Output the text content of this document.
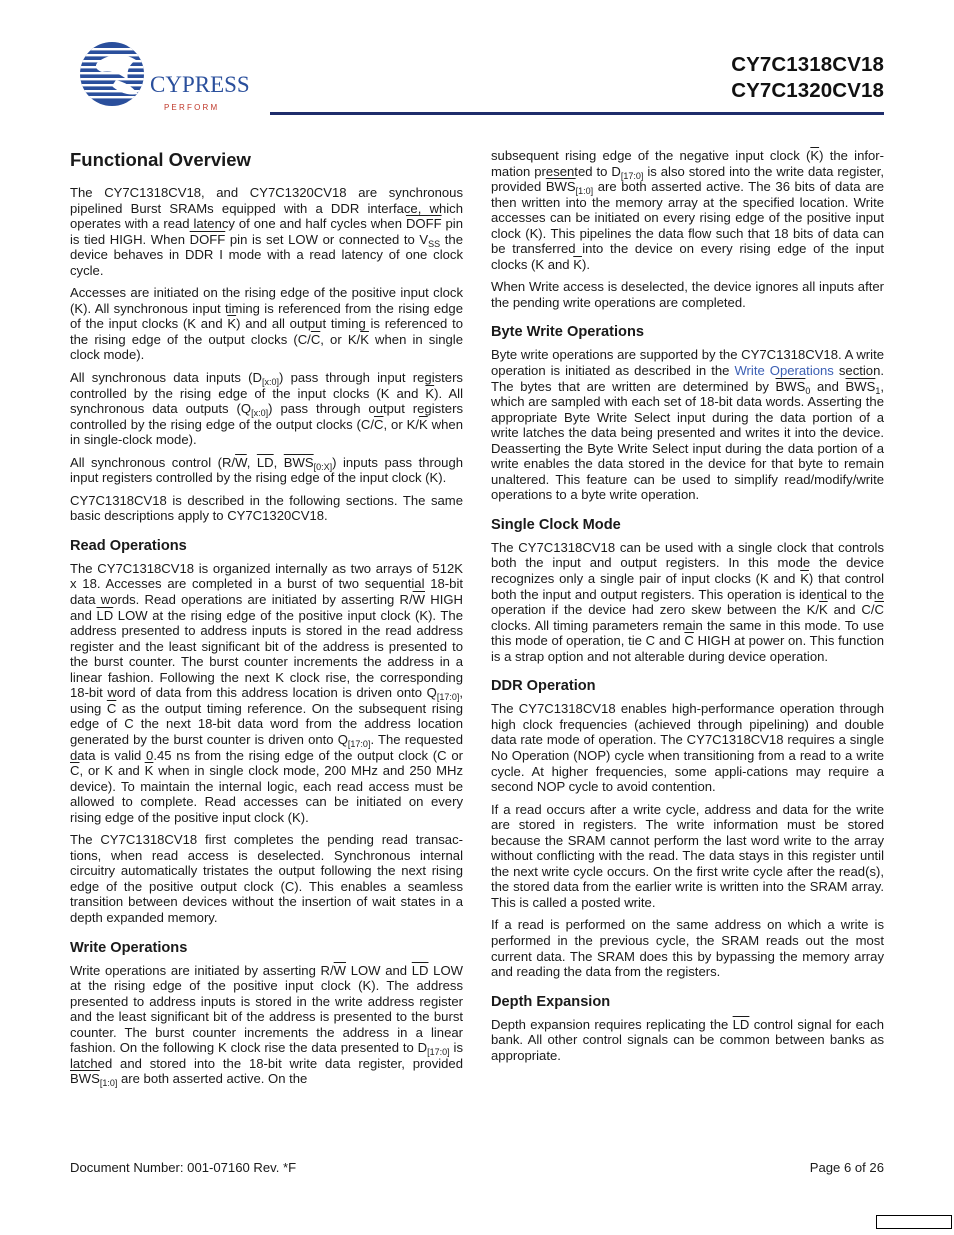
CYPRESS
P E R F O R M
CY7C1318CV18
CY7C1320CV18
Functional Overview

The CY7C1318CV18, and CY7C1320CV18 are synchronous pipelined Burst SRAMs equipped with a DDR interface, which operates with a read latency of one and half cycles when DOFF pin is tied HIGH. When DOFF pin is set LOW or connected to $V_{SS}$ the device behaves in DDR I mode with a read latency of one clock cycle.

Accesses are initiated on the rising edge of the positive input clock (K). All synchronous input timing is referenced from the rising edge of the input clocks (K and $\overline{K}$) and all output timing is referenced to the rising edge of the output clocks ($C/\overline{C}$, or $K/\overline{K}$ when in single clock mode).

All synchronous data inputs $(D_{[x:0]})$ pass through input registers controlled by the rising edge of the input clocks (K and $\overline{K}$). All synchronous data outputs $(Q_{[x:0]})$ pass through output registers controlled by the rising edge of the output clocks ($C/\overline{C}$, or $K/\overline{K}$ when in single-clock mode).

All synchronous control ($R/\overline{W}$, $\overline{LD}$, $\overline{BWS}_{[0:X]}$) inputs pass through input registers controlled by the rising edge of the input clock (K).

CY7C1318CV18 is described in the following sections. The same basic descriptions apply to CY7C1320CV18.

Read Operations

The CY7C1318CV18 is organized internally as two arrays of 512K x 18. Accesses are completed in a burst of two sequential 18-bit data words. Read operations are initiated by asserting $R/\overline{W}$ HIGH and $\overline{LD}$ LOW at the rising edge of the positive input clock (K). The address presented to address inputs is stored in the read address register and the least significant bit of the address is presented to the burst counter. The burst counter increments the address in a linear fashion. Following the next K clock rise, the corresponding 18-bit word of data from this address location is driven onto $Q_{[17:0]}$, using $\overline{C}$ as the output timing reference. On the subsequent rising edge of C the next 18-bit data word from the address location generated by the burst counter is driven onto $Q_{[17:0]}$. The requested data is valid 0.45 ns from the rising edge of the output clock (C or $\overline{C}$, or K and $\overline{K}$ when in single clock mode, 200 MHz and 250 MHz device). To maintain the internal logic, each read access must be allowed to complete. Read accesses can be initiated on every rising edge of the positive input clock (K).

The CY7C1318CV18 first completes the pending read transac-tions, when read access is deselected. Synchronous internal circuitry automatically tristates the output following the next rising edge of the positive output clock (C). This enables a seamless transition between devices without the insertion of wait states in a depth expanded memory.

Write Operations

Write operations are initiated by asserting $R/\overline{W}$ LOW and $\overline{LD}$ LOW at the rising edge of the positive input clock (K). The address presented to address inputs is stored in the write address register and the least significant bit of the address is presented to the burst counter. The burst counter increments the address in a linear fashion. On the following K clock rise the data presented to $D_{[17:0]}$ is latched and stored into the 18-bit write data register, provided $\overline{BWS}_{[1:0]}$ are both asserted active. On the

subsequent rising edge of the negative input clock $(\overline{K})$ the infor-mation presented to $D_{[17:0]}$ is also stored into the write data register, provided $\overline{BWS}_{[1:0]}$ are both asserted active. The 36 bits of data are then written into the memory array at the specified location. Write accesses can be initiated on every rising edge of the positive input clock (K). This pipelines the data flow such that 18 bits of data can be transferred into the device on every rising edge of the input clocks (K and $\overline{K}$).

When Write access is deselected, the device ignores all inputs after the pending write operations are completed.

Byte Write Operations

Byte write operations are supported by the CY7C1318CV18. A write operation is initiated as described in the Write Operations section. The bytes that are written are determined by $\overline{BWS}_0$ and $\overline{BWS}_1$, which are sampled with each set of 18-bit data words. Asserting the appropriate Byte Write Select input during the data portion of a write latches the data being presented and writes it into the device. Deasserting the Byte Write Select input during the data portion of a write enables the data stored in the device for that byte to remain unaltered. This feature can be used to simplify read/modify/write operations to a byte write operation.

Single Clock Mode

The CY7C1318CV18 can be used with a single clock that controls both the input and output registers. In this mode the device recognizes only a single pair of input clocks (K and $\overline{K}$) that control both the input and output registers. This operation is identical to the operation if the device had zero skew between the $K/\overline{K}$ and $C/\overline{C}$ clocks. All timing parameters remain the same in this mode. To use this mode of operation, tie C and $\overline{C}$ HIGH at power on. This function is a strap option and not alterable during device operation.

DDR Operation

The CY7C1318CV18 enables high-performance operation through high clock frequencies (achieved through pipelining) and double data rate mode of operation. The CY7C1318CV18 requires a single No Operation (NOP) cycle when transitioning from a read to a write cycle. At higher frequencies, some appli-cations may require a second NOP cycle to avoid contention.

If a read occurs after a write cycle, address and data for the write are stored in registers. The write information must be stored because the SRAM cannot perform the last word write to the array without conflicting with the read. The data stays in this register until the next write cycle occurs. On the first write cycle after the read(s), the stored data from the earlier write is written into the SRAM array. This is called a posted write.

If a read is performed on the same address on which a write is performed in the previous cycle, the SRAM reads out the most current data. The SRAM does this by bypassing the memory array and reading the data from the registers.

Depth Expansion

Depth expansion requires replicating the $\overline{LD}$ control signal for each bank. All other control signals can be common between banks as appropriate.

Document Number: 001-07160 Rev. *F	Page 6 of 26
